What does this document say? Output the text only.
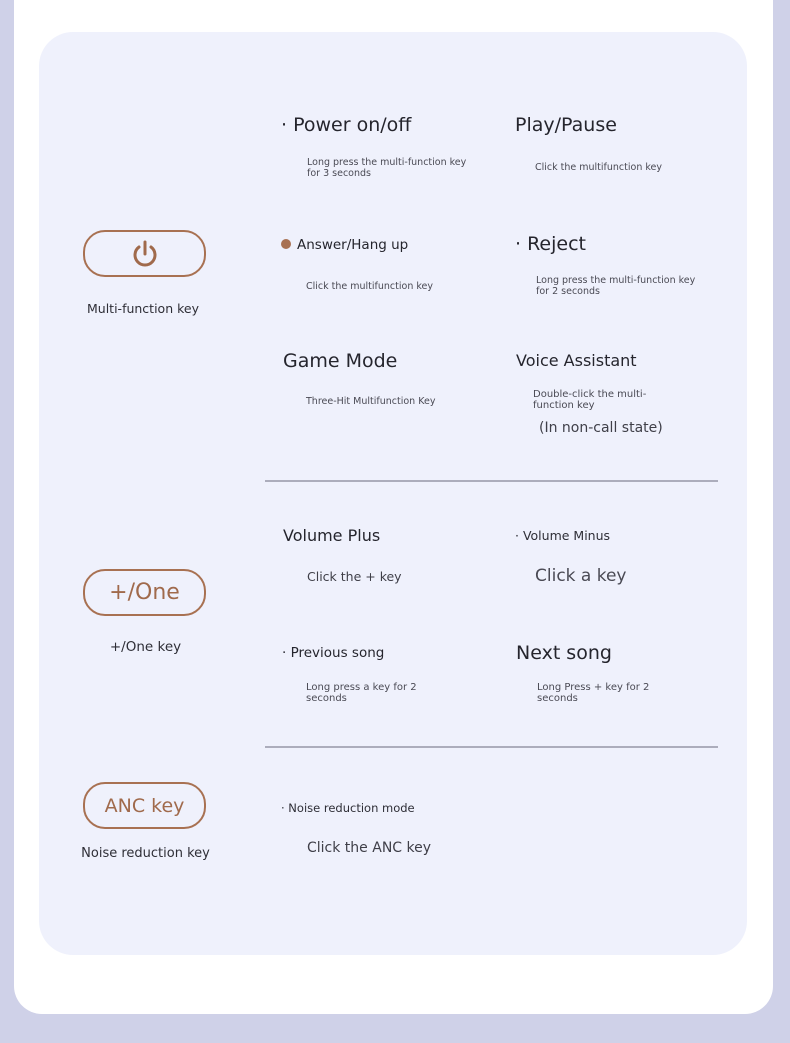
Multi-function key
+/One
+/One key
ANC key
Noise reduction key
· Power on/off
Long press the multi-function key for 3 seconds
Play/Pause
Click the multifunction key
Answer/Hang up
Click the multifunction key
· Reject
Long press the multi-function key for 2 seconds
Game Mode
Three-Hit Multifunction Key
Voice Assistant
Double-click the multi-function key
(In non-call state)
Volume Plus
Click the + key
· Volume Minus
Click a key
· Previous song
Long press a key for 2 seconds
Next song
Long Press + key for 2 seconds
· Noise reduction mode
Click the ANC key
